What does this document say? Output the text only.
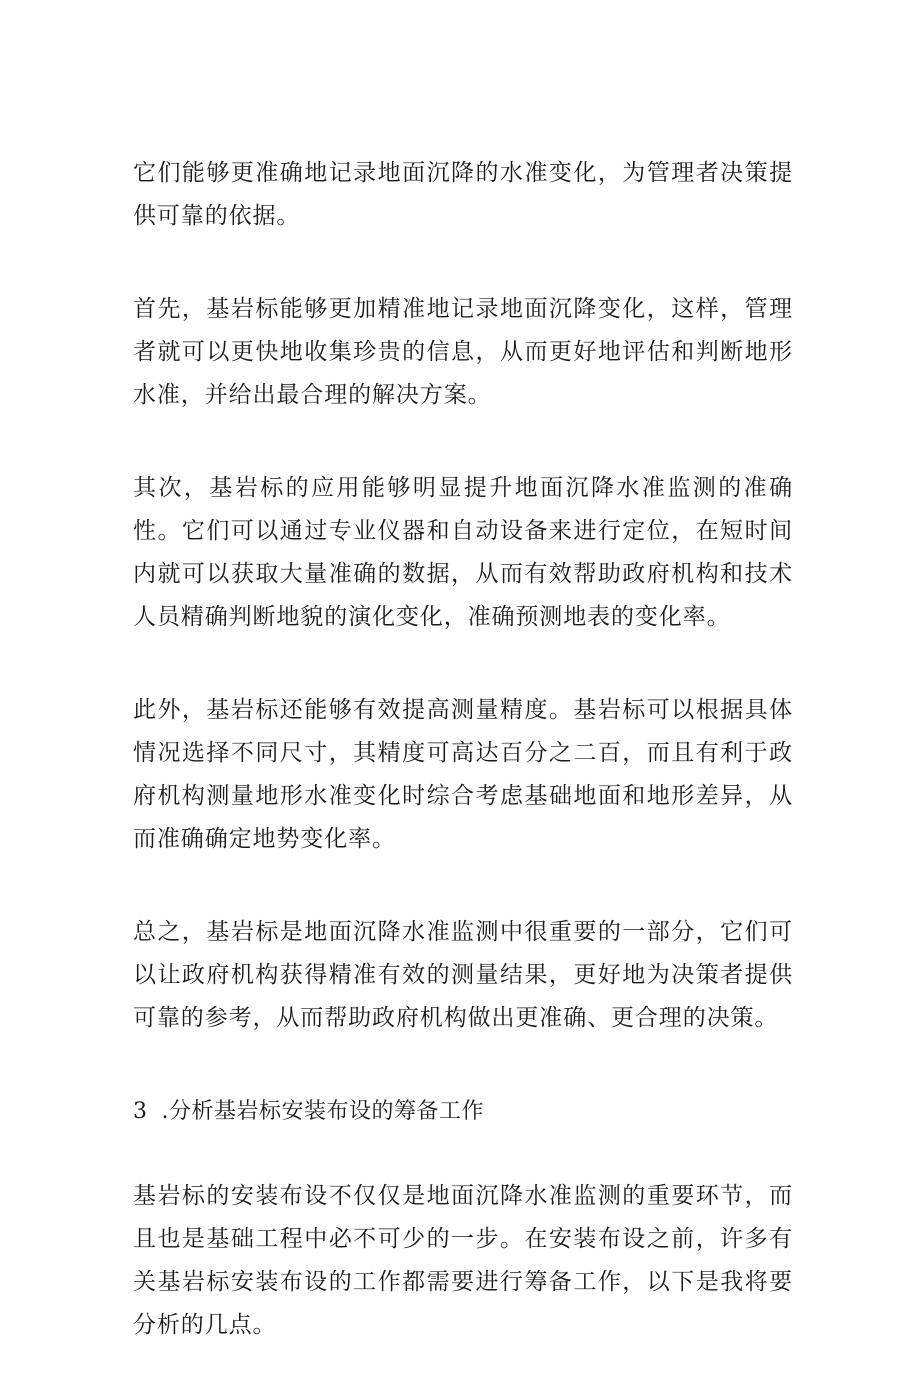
它们能够更准确地记录地面沉降的水准变化，为管理者决策提供可靠的依据。

首先，基岩标能够更加精准地记录地面沉降变化，这样，管理者就可以更快地收集珍贵的信息，从而更好地评估和判断地形水准，并给出最合理的解决方案。

其次，基岩标的应用能够明显提升地面沉降水准监测的准确性。它们可以通过专业仪器和自动设备来进行定位，在短时间内就可以获取大量准确的数据，从而有效帮助政府机构和技术人员精确判断地貌的演化变化，准确预测地表的变化率。

此外，基岩标还能够有效提高测量精度。基岩标可以根据具体情况选择不同尺寸，其精度可高达百分之二百，而且有利于政府机构测量地形水准变化时综合考虑基础地面和地形差异，从而准确确定地势变化率。

总之，基岩标是地面沉降水准监测中很重要的一部分，它们可以让政府机构获得精准有效的测量结果，更好地为决策者提供可靠的参考，从而帮助政府机构做出更准确、更合理的决策。

3 .分析基岩标安装布设的筹备工作

基岩标的安装布设不仅仅是地面沉降水准监测的重要环节，而且也是基础工程中必不可少的一步。在安装布设之前，许多有关基岩标安装布设的工作都需要进行筹备工作，以下是我将要分析的几点。
